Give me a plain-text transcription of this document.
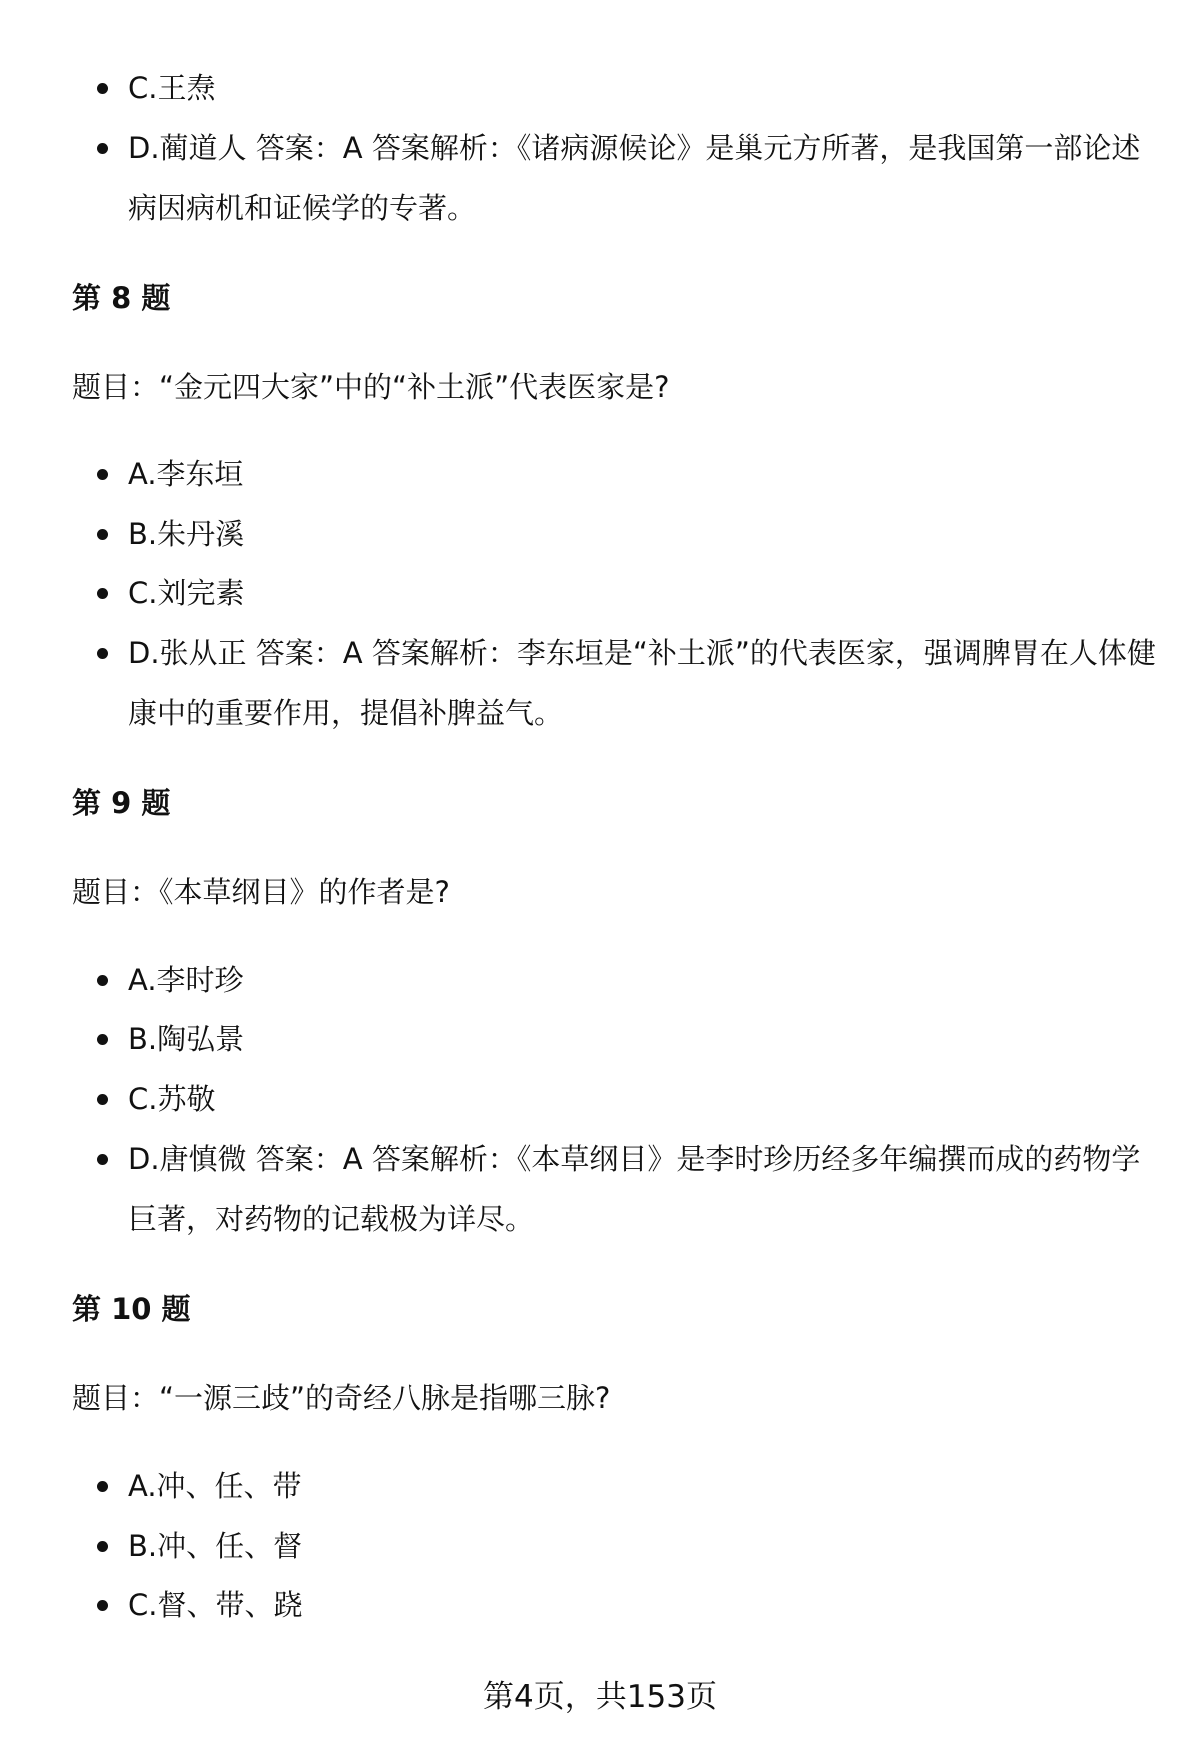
C.王焘
D.蔺道人 答案：A 答案解析：《诸病源候论》是巢元方所著，是我国第一部论述病因病机和证候学的专著。
第 8 题
题目：“金元四大家”中的“补土派”代表医家是?
A.李东垣
B.朱丹溪
C.刘完素
D.张从正 答案：A 答案解析：李东垣是“补土派”的代表医家，强调脾胃在人体健康中的重要作用，提倡补脾益气。
第 9 题
题目：《本草纲目》的作者是?
A.李时珍
B.陶弘景
C.苏敬
D.唐慎微 答案：A 答案解析：《本草纲目》是李时珍历经多年编撰而成的药物学巨著，对药物的记载极为详尽。
第 10 题
题目：“一源三歧”的奇经八脉是指哪三脉?
A.冲、任、带
B.冲、任、督
C.督、带、跷
第4页，共153页
